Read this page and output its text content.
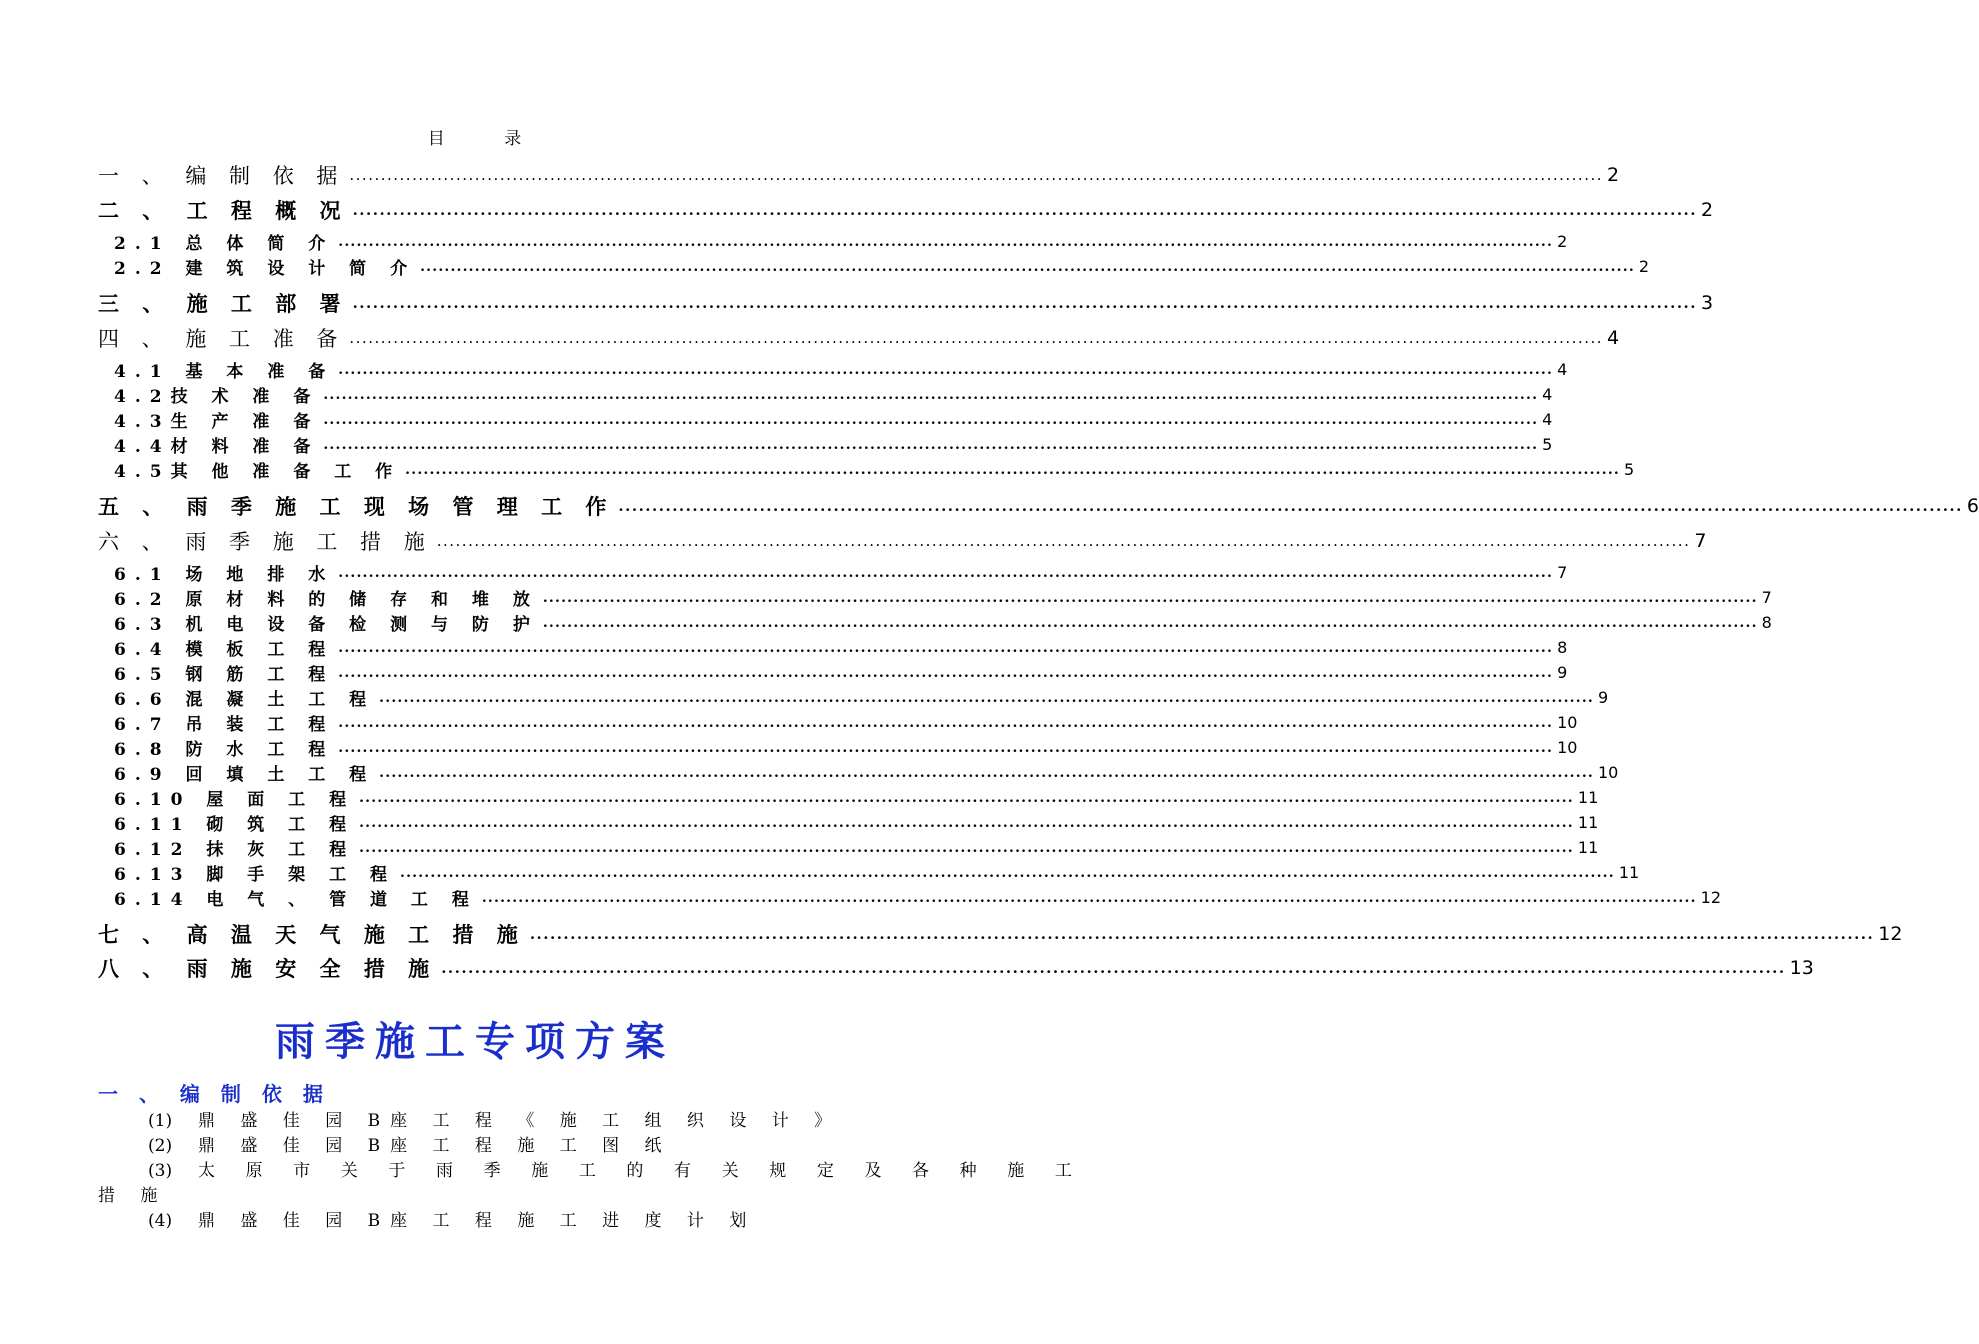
目 录
一 、 编 制 依 据 ........................................................................................................................................................................................................ 2
二 、 工 程 概 况 ........................................................................................................................................................................................................ 2
2.1 总 体 简 介 ........................................................................................................................................................................................................ 2
2.2 建 筑 设 计 简 介 ........................................................................................................................................................................................................ 2
三 、 施 工 部 署 ........................................................................................................................................................................................................ 3
四 、 施 工 准 备 ........................................................................................................................................................................................................ 4
4.1 基 本 准 备 ........................................................................................................................................................................................................ 4
4.2技 术 准 备 ........................................................................................................................................................................................................ 4
4.3生 产 准 备 ........................................................................................................................................................................................................ 4
4.4材 料 准 备 ........................................................................................................................................................................................................ 5
4.5其 他 准 备 工 作 ........................................................................................................................................................................................................ 5
五 、 雨 季 施 工 现 场 管 理 工 作 ........................................................................................................................................................................................................ 6
六 、 雨 季 施 工 措 施 ........................................................................................................................................................................................................ 7
6.1 场 地 排 水 ........................................................................................................................................................................................................ 7
6.2 原 材 料 的 储 存 和 堆 放 ........................................................................................................................................................................................................ 7
6.3 机 电 设 备 检 测 与 防 护 ........................................................................................................................................................................................................ 8
6.4 模 板 工 程 ........................................................................................................................................................................................................ 8
6.5 钢 筋 工 程 ........................................................................................................................................................................................................ 9
6.6 混 凝 土 工 程 ........................................................................................................................................................................................................ 9
6.7 吊 装 工 程 ........................................................................................................................................................................................................ 10
6.8 防 水 工 程 ........................................................................................................................................................................................................ 10
6.9 回 填 土 工 程 ........................................................................................................................................................................................................ 10
6.10 屋 面 工 程 ........................................................................................................................................................................................................ 11
6.11 砌 筑 工 程 ........................................................................................................................................................................................................ 11
6.12 抹 灰 工 程 ........................................................................................................................................................................................................ 11
6.13 脚 手 架 工 程 ........................................................................................................................................................................................................ 11
6.14 电 气 、 管 道 工 程 ........................................................................................................................................................................................................ 12
七 、 高 温 天 气 施 工 措 施 ........................................................................................................................................................................................................ 12
八 、 雨 施 安 全 措 施 ........................................................................................................................................................................................................ 13
雨季施工专项方案
一 、 编 制 依 据
(1) 鼎 盛 佳 园 B座 工 程 《 施 工 组 织 设 计 》
(2) 鼎 盛 佳 园 B座 工 程 施 工 图 纸
(3) 太 原 市 关 于 雨 季 施 工 的 有 关 规 定 及 各 种 施 工
措 施
(4) 鼎 盛 佳 园 B座 工 程 施 工 进 度 计 划
